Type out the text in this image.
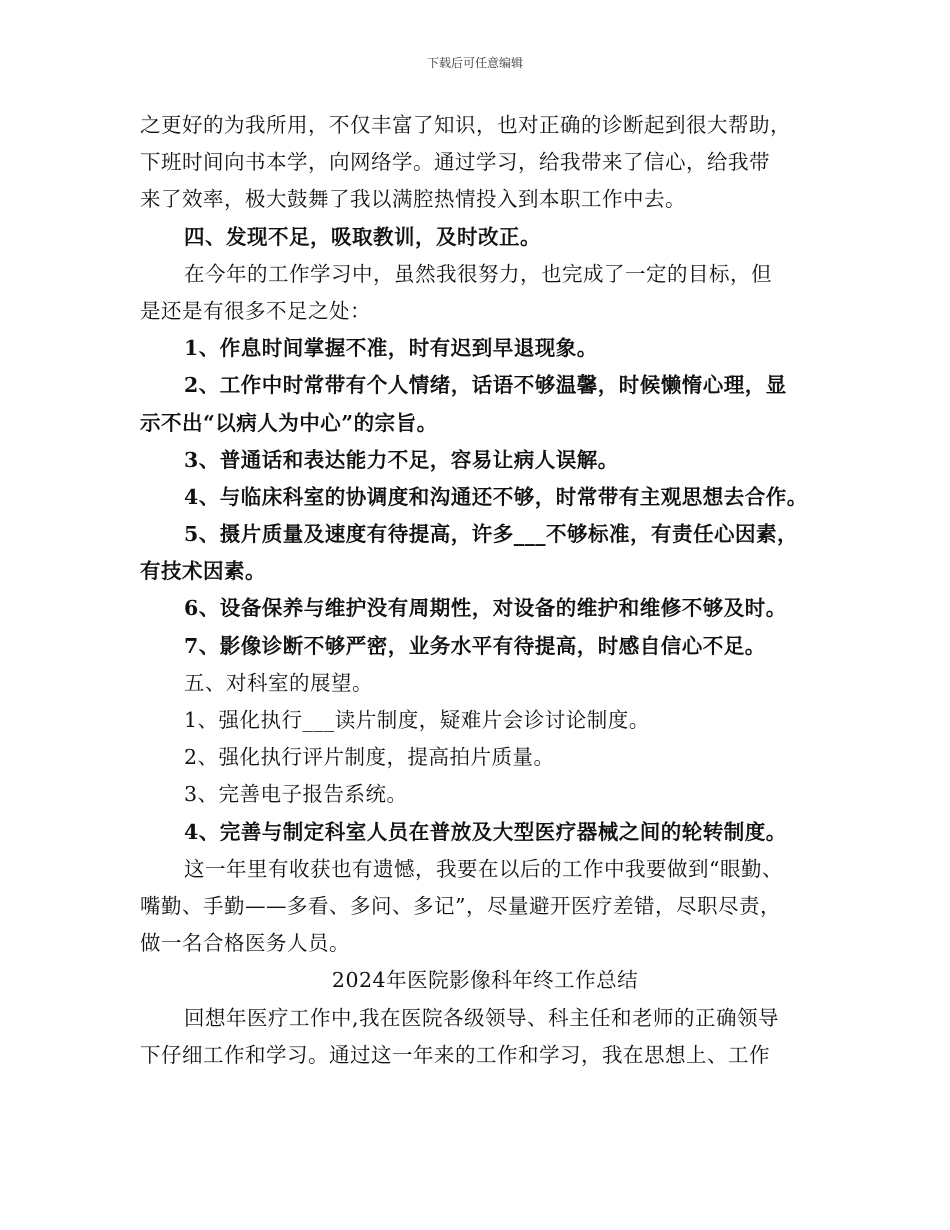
下载后可任意编辑
之更好的为我所用，不仅丰富了知识，也对正确的诊断起到很大帮助，
下班时间向书本学，向网络学。通过学习，给我带来了信心，给我带
来了效率，极大鼓舞了我以满腔热情投入到本职工作中去。
四、发现不足，吸取教训，及时改正。
在今年的工作学习中，虽然我很努力，也完成了一定的目标，但
是还是有很多不足之处：
1、作息时间掌握不准，时有迟到早退现象。
2、工作中时常带有个人情绪，话语不够温馨，时候懒惰心理，显
示不出“以病人为中心”的宗旨。
3、普通话和表达能力不足，容易让病人误解。
4、与临床科室的协调度和沟通还不够，时常带有主观思想去合作。
5、摄片质量及速度有待提高，许多___不够标准，有责任心因素，
有技术因素。
6、设备保养与维护没有周期性，对设备的维护和维修不够及时。
7、影像诊断不够严密，业务水平有待提高，时感自信心不足。
五、对科室的展望。
1、强化执行___读片制度，疑难片会诊讨论制度。
2、强化执行评片制度，提高拍片质量。
3、完善电子报告系统。
4、完善与制定科室人员在普放及大型医疗器械之间的轮转制度。
这一年里有收获也有遗憾，我要在以后的工作中我要做到“眼勤、
嘴勤、手勤——多看、多问、多记”，尽量避开医疗差错，尽职尽责，
做一名合格医务人员。
2024年医院影像科年终工作总结
回想年医疗工作中,我在医院各级领导、科主任和老师的正确领导
下仔细工作和学习。通过这一年来的工作和学习，我在思想上、工作
